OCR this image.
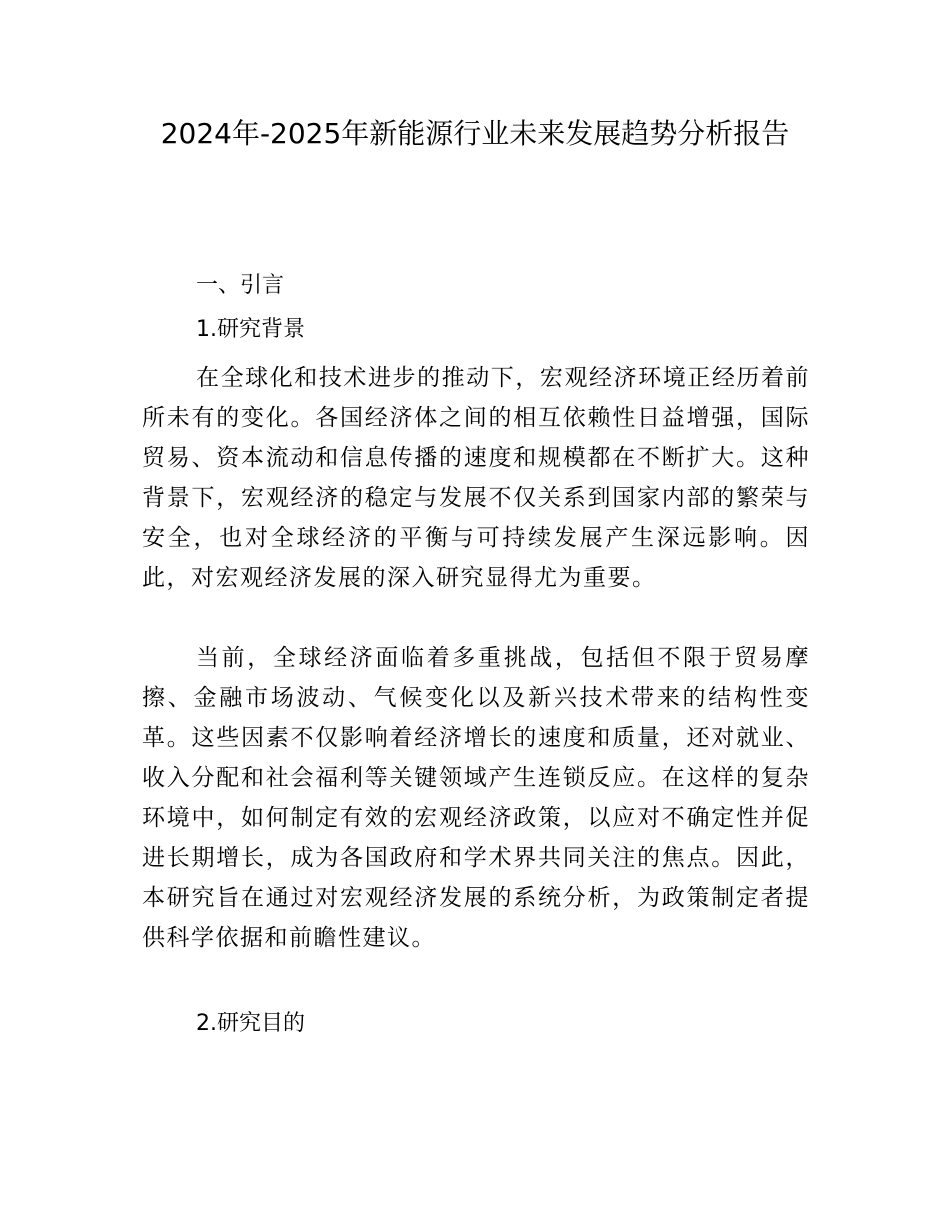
2024年-2025年新能源行业未来发展趋势分析报告
一、引言
1.研究背景

在全球化和技术进步的推动下，宏观经济环境正经历着前所未有的变化。各国经济体之间的相互依赖性日益增强，国际贸易、资本流动和信息传播的速度和规模都在不断扩大。这种背景下，宏观经济的稳定与发展不仅关系到国家内部的繁荣与安全，也对全球经济的平衡与可持续发展产生深远影响。因此，对宏观经济发展的深入研究显得尤为重要。

当前，全球经济面临着多重挑战，包括但不限于贸易摩擦、金融市场波动、气候变化以及新兴技术带来的结构性变革。这些因素不仅影响着经济增长的速度和质量，还对就业、收入分配和社会福利等关键领域产生连锁反应。在这样的复杂环境中，如何制定有效的宏观经济政策，以应对不确定性并促进长期增长，成为各国政府和学术界共同关注的焦点。因此，本研究旨在通过对宏观经济发展的系统分析，为政策制定者提供科学依据和前瞻性建议。

2.研究目的
